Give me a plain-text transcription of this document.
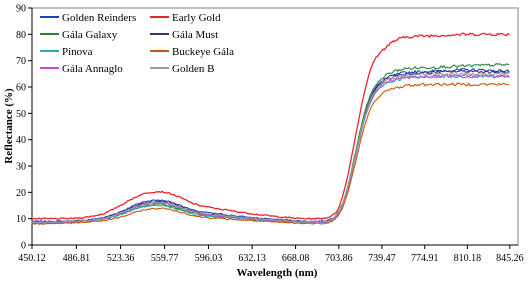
0
10
20
30
40
50
60
70
80
90
450.12 486.81 523.36 559.77 596.03 632.13 668.08 703.86 739.47 774.91 810.18 845.26
Golden Reinders	Early Gold
Gála Galaxy	Gála Must
Pinova	Buckeye Gála
Gála Annaglo	Golden B
Reflectance (%)
Wavelength (nm)
